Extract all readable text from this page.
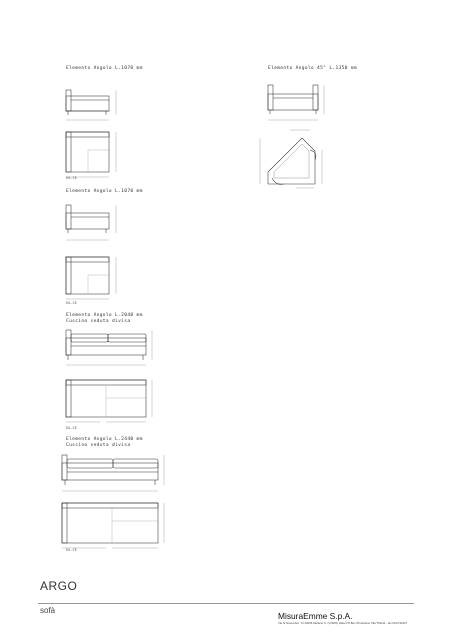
Elemento Angolo L.1070 mm
EA-CE
Elemento Angolo L.1070 mm
EA-CE
Elemento Angolo L.2040 mm
Cuscino seduta divisa
EA-CE
Elemento Angolo L.2440 mm
Cuscino seduta divisa
EA-CE
Elemento Angolo 45° L.1350 mm
ARGO
sofà
MisuraEmme S.p.A.
Via IV Novembre, 72 22066 Mariano C. (COMO) Italia P.O.Box 59 telefono 031/754111 - fax 031/744437
